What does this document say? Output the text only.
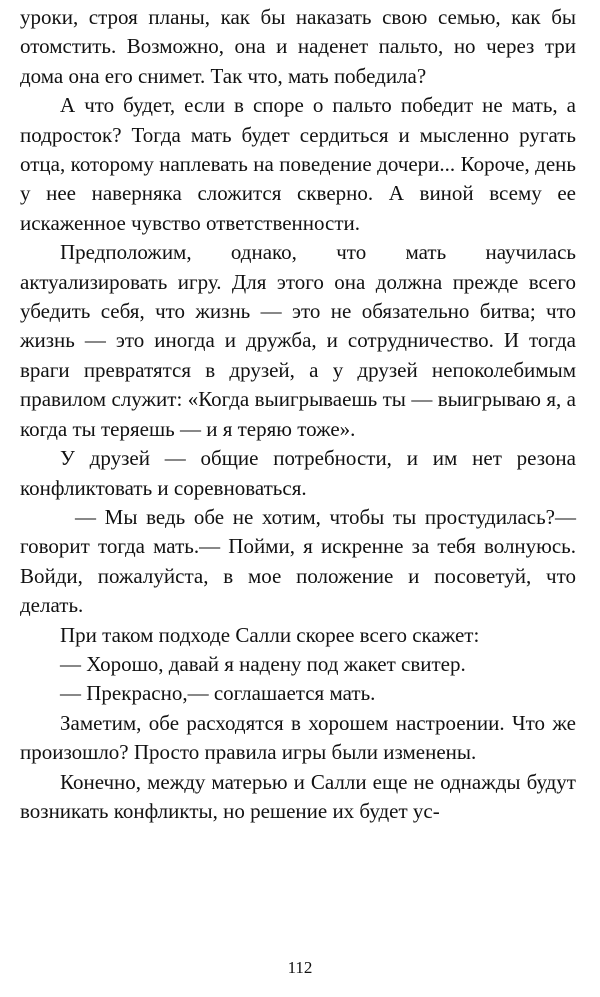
уроки, строя планы, как бы наказать свою семью, как бы отомстить. Возможно, она и наденет пальто, но через три дома она его снимет. Так что, мать победила?

А что будет, если в споре о пальто победит не мать, а подросток? Тогда мать будет сердиться и мысленно ругать отца, которому наплевать на поведение дочери... Короче, день у нее наверняка сложится скверно. А виной всему ее искаженное чувство ответственности.

Предположим, однако, что мать научилась актуализировать игру. Для этого она должна прежде всего убедить себя, что жизнь — это не обязательно битва; что жизнь — это иногда и дружба, и сотрудничество. И тогда враги превратятся в друзей, а у друзей непоколебимым правилом служит: «Когда выигрываешь ты — выигрываю я, а когда ты теряешь — и я теряю тоже».

У друзей — общие потребности, и им нет резона конфликтовать и соревноваться.

— Мы ведь обе не хотим, чтобы ты простудилась?— говорит тогда мать.— Пойми, я искренне за тебя волнуюсь. Войди, пожалуйста, в мое положение и посоветуй, что делать.

При таком подходе Салли скорее всего скажет:

— Хорошо, давай я надену под жакет свитер.

— Прекрасно,— соглашается мать.

Заметим, обе расходятся в хорошем настроении. Что же произошло? Просто правила игры были изменены.

Конечно, между матерью и Салли еще не однажды будут возникать конфликты, но решение их будет ус-

112
